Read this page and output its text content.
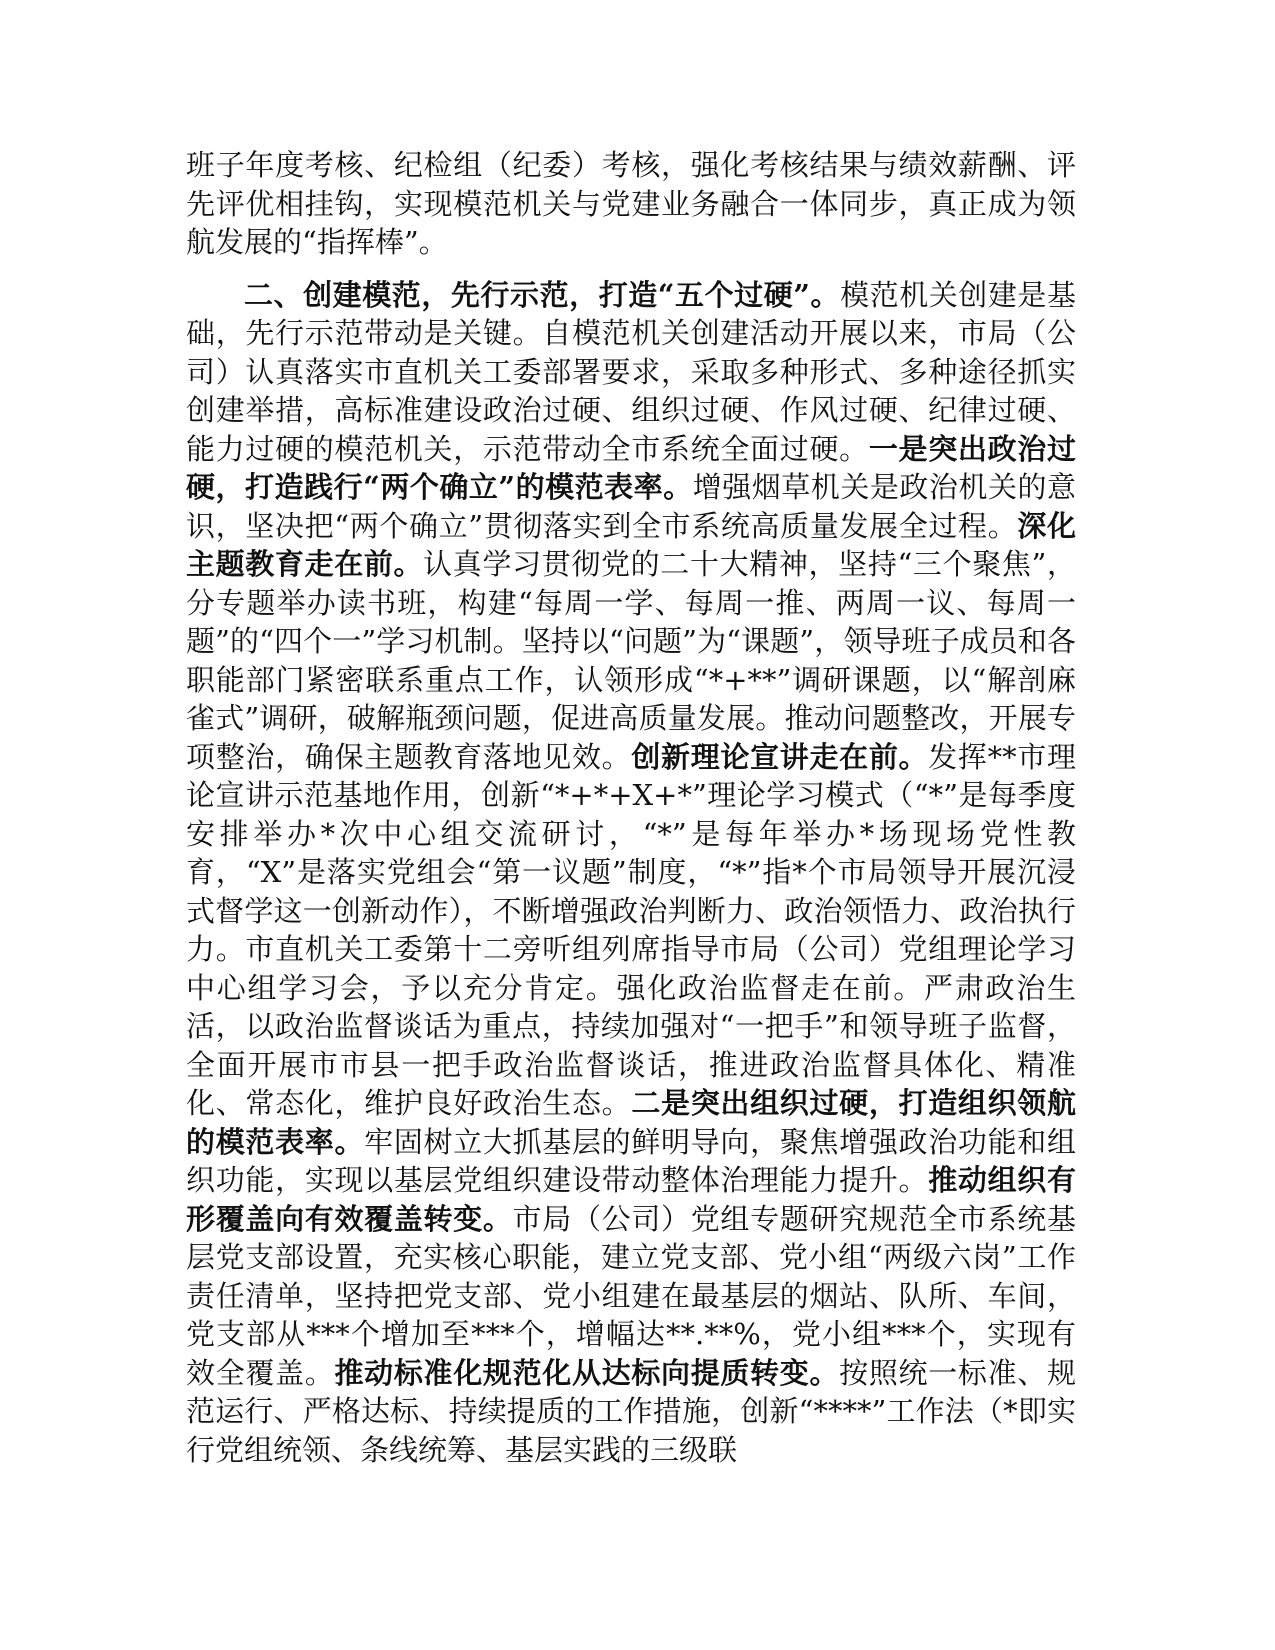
班子年度考核、纪检组（纪委）考核，强化考核结果与绩效薪酬、评先评优相挂钩，实现模范机关与党建业务融合一体同步，真正成为领航发展的“指挥棒”。

二、创建模范，先行示范，打造“五个过硬”。模范机关创建是基础，先行示范带动是关键。自模范机关创建活动开展以来，市局（公司）认真落实市直机关工委部署要求，采取多种形式、多种途径抓实创建举措，高标准建设政治过硬、组织过硬、作风过硬、纪律过硬、能力过硬的模范机关，示范带动全市系统全面过硬。一是突出政治过硬，打造践行“两个确立”的模范表率。增强烟草机关是政治机关的意识，坚决把“两个确立”贯彻落实到全市系统高质量发展全过程。深化主题教育走在前。认真学习贯彻党的二十大精神，坚持“三个聚焦”，分专题举办读书班，构建“每周一学、每周一推、两周一议、每周一题”的“四个一”学习机制。坚持以“问题”为“课题”，领导班子成员和各职能部门紧密联系重点工作，认领形成“*+**”调研课题，以“解剖麻雀式”调研，破解瓶颈问题，促进高质量发展。推动问题整改，开展专项整治，确保主题教育落地见效。创新理论宣讲走在前。发挥**市理论宣讲示范基地作用，创新“*+*+X+*”理论学习模式（“*”是每季度安排举办*次中心组交流研讨，“*”是每年举办*场现场党性教育，“X”是落实党组会“第一议题”制度，“*”指*个市局领导开展沉浸式督学这一创新动作），不断增强政治判断力、政治领悟力、政治执行力。市直机关工委第十二旁听组列席指导市局（公司）党组理论学习中心组学习会，予以充分肯定。强化政治监督走在前。严肃政治生活，以政治监督谈话为重点，持续加强对“一把手”和领导班子监督，全面开展市市县一把手政治监督谈话，推进政治监督具体化、精准化、常态化，维护良好政治生态。二是突出组织过硬，打造组织领航的模范表率。牢固树立大抓基层的鲜明导向，聚焦增强政治功能和组织功能，实现以基层党组织建设带动整体治理能力提升。推动组织有形覆盖向有效覆盖转变。市局（公司）党组专题研究规范全市系统基层党支部设置，充实核心职能，建立党支部、党小组“两级六岗”工作责任清单，坚持把党支部、党小组建在最基层的烟站、队所、车间，党支部从***个增加至***个，增幅达**.**%，党小组***个，实现有效全覆盖。推动标准化规范化从达标向提质转变。按照统一标准、规范运行、严格达标、持续提质的工作措施，创新“****”工作法（*即实行党组统领、条线统筹、基层实践的三级联
